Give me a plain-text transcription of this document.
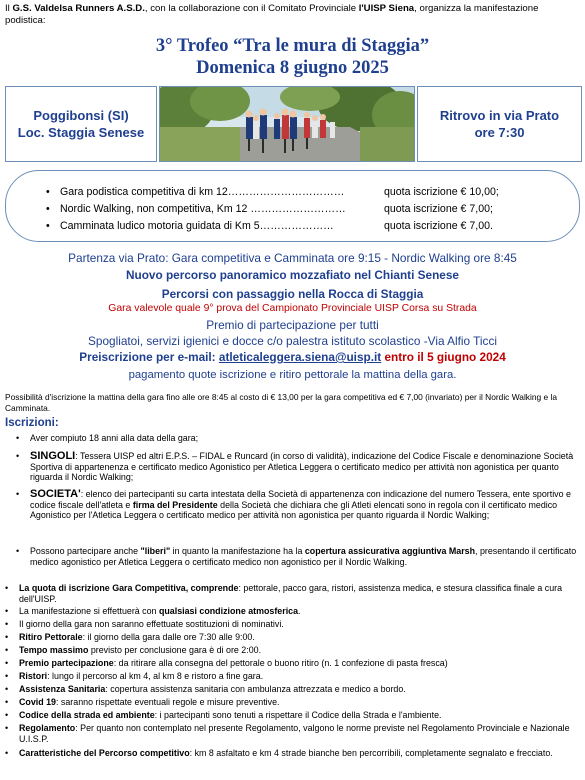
Il G.S. Valdelsa Runners A.S.D., con la collaborazione con il Comitato Provinciale l'UISP Siena, organizza la manifestazione podistica:
3° Trofeo “Tra le mura di Staggia”
Domenica 8 giugno 2025
Poggibonsi (SI)
Loc. Staggia Senese
Ritrovo in via Prato
ore 7:30
• Gara podistica competitiva di km 12……………………………	quota iscrizione € 10,00;
• Nordic Walking, non competitiva, Km 12 ………………………	quota iscrizione € 7,00;
• Camminata ludico motoria guidata di Km 5…………………	quota iscrizione € 7,00.
Partenza via Prato: Gara competitiva e Camminata ore 9:15 - Nordic Walking ore 8:45
Nuovo percorso panoramico mozzafiato nel Chianti Senese
Percorsi con passaggio nella Rocca di Staggia
Gara valevole quale 9° prova del Campionato Provinciale UISP Corsa su Strada
Premio di partecipazione per tutti
Spogliatoi, servizi igienici e docce c/o palestra istituto scolastico -Via Alfio Ticci
Preiscrizione per e-mail: atleticaleggera.siena@uisp.it entro il 5 giugno 2024
pagamento quote iscrizione e ritiro pettorale la mattina della gara.
Possibilità d'iscrizione la mattina della gara fino alle ore 8:45 al costo di € 13,00 per la gara competitiva ed € 7,00 (invariato) per il Nordic Walking e la Camminata.
Iscrizioni:
• Aver compiuto 18 anni alla data della gara;
• SINGOLI: Tessera UISP ed altri E.P.S. – FIDAL e Runcard (in corso di validità), indicazione del Codice Fiscale e denominazione Società Sportiva di appartenenza e certificato medico Agonistico per Atletica Leggera o certificato medico per attività non agonistica per quanto riguarda il Nordic Walking;
• SOCIETA': elenco dei partecipanti su carta intestata della Società di appartenenza con indicazione del numero Tessera, ente sportivo e codice fiscale dell'atleta e firma del Presidente della Società che dichiara che gli Atleti elencati sono in regola con il certificato medico Agonistico per l'Atletica Leggera o certificato medico per attività non agonistica per quanto riguarda il Nordic Walking;
• Possono partecipare anche "liberi" in quanto la manifestazione ha la copertura assicurativa aggiuntiva Marsh, presentando il certificato medico agonistico per Atletica Leggera o certificato medico non agonistico per il Nordic Walking.
• La quota di iscrizione Gara Competitiva, comprende: pettorale, pacco gara, ristori, assistenza medica, e stesura classifica finale a cura dell'UISP.
• La manifestazione si effettuerà con qualsiasi condizione atmosferica.
• Il giorno della gara non saranno effettuate sostituzioni di nominativi.
• Ritiro Pettorale: il giorno della gara dalle ore 7:30 alle 9:00.
• Tempo massimo previsto per conclusione gara è di ore 2:00.
• Premio partecipazione: da ritirare alla consegna del pettorale o buono ritiro (n. 1 confezione di pasta fresca)
• Ristori: lungo il percorso al km 4, al km 8 e ristoro a fine gara.
• Assistenza Sanitaria: copertura assistenza sanitaria con ambulanza attrezzata e medico a bordo.
• Covid 19: saranno rispettate eventuali regole e misure preventive.
• Codice della strada ed ambiente: i partecipanti sono tenuti a rispettare il Codice della Strada e l'ambiente.
• Regolamento: Per quanto non contemplato nel presente Regolamento, valgono le norme previste nel Regolamento Provinciale e Nazionale U.I.S.P.
• Caratteristiche del Percorso competitivo: km 8 asfaltato e km 4 strade bianche ben percorribili, completamente segnalato e frecciato.
